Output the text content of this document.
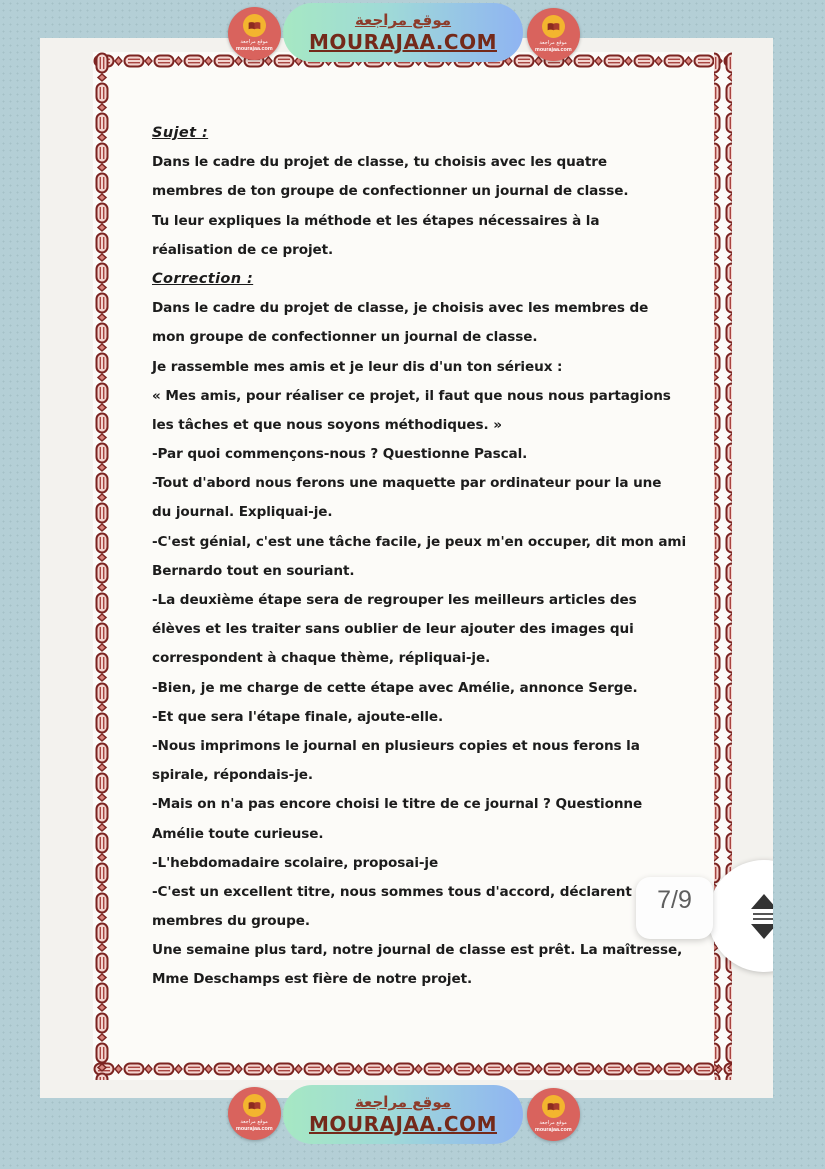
Sujet :
Dans le cadre du projet de classe, tu choisis avec les quatre
membres de ton groupe de confectionner un journal de classe.
Tu leur expliques la méthode et les étapes nécessaires à la
réalisation de ce projet.
Correction :
Dans le cadre du projet de classe, je choisis avec les membres de
mon groupe de confectionner un journal de classe.
Je rassemble mes amis et je leur dis d'un ton sérieux :
« Mes amis, pour réaliser ce projet, il faut que nous nous partagions
les tâches et que nous soyons méthodiques. »
-Par quoi commençons-nous ? Questionne Pascal.
-Tout d'abord nous ferons une maquette par ordinateur pour la une
du journal. Expliquai-je.
-C'est génial, c'est une tâche facile, je peux m'en occuper, dit mon ami
Bernardo tout en souriant.
-La deuxième étape sera de regrouper les meilleurs articles des
élèves et les traiter sans oublier de leur ajouter des images qui
correspondent à chaque thème, répliquai-je.
-Bien, je me charge de cette étape avec Amélie, annonce Serge.
-Et que sera l'étape finale, ajoute-elle.
-Nous imprimons le journal en plusieurs copies et nous ferons la
spirale, répondais-je.
-Mais on n'a pas encore choisi le titre de ce journal ? Questionne
Amélie toute curieuse.
-L'hebdomadaire scolaire, proposai-je
-C'est un excellent titre, nous sommes tous d'accord, déclarent
membres du groupe.
Une semaine plus tard, notre journal de classe est prêt. La maîtresse,
Mme Deschamps est fière de notre projet.
7/9
موقع مراجعة
MOURAJAA.COM
موقع مراجعة
mourajaa.com
موقع مراجعة
mourajaa.com
موقع مراجعة
MOURAJAA.COM
موقع مراجعة
mourajaa.com
موقع مراجعة
mourajaa.com
